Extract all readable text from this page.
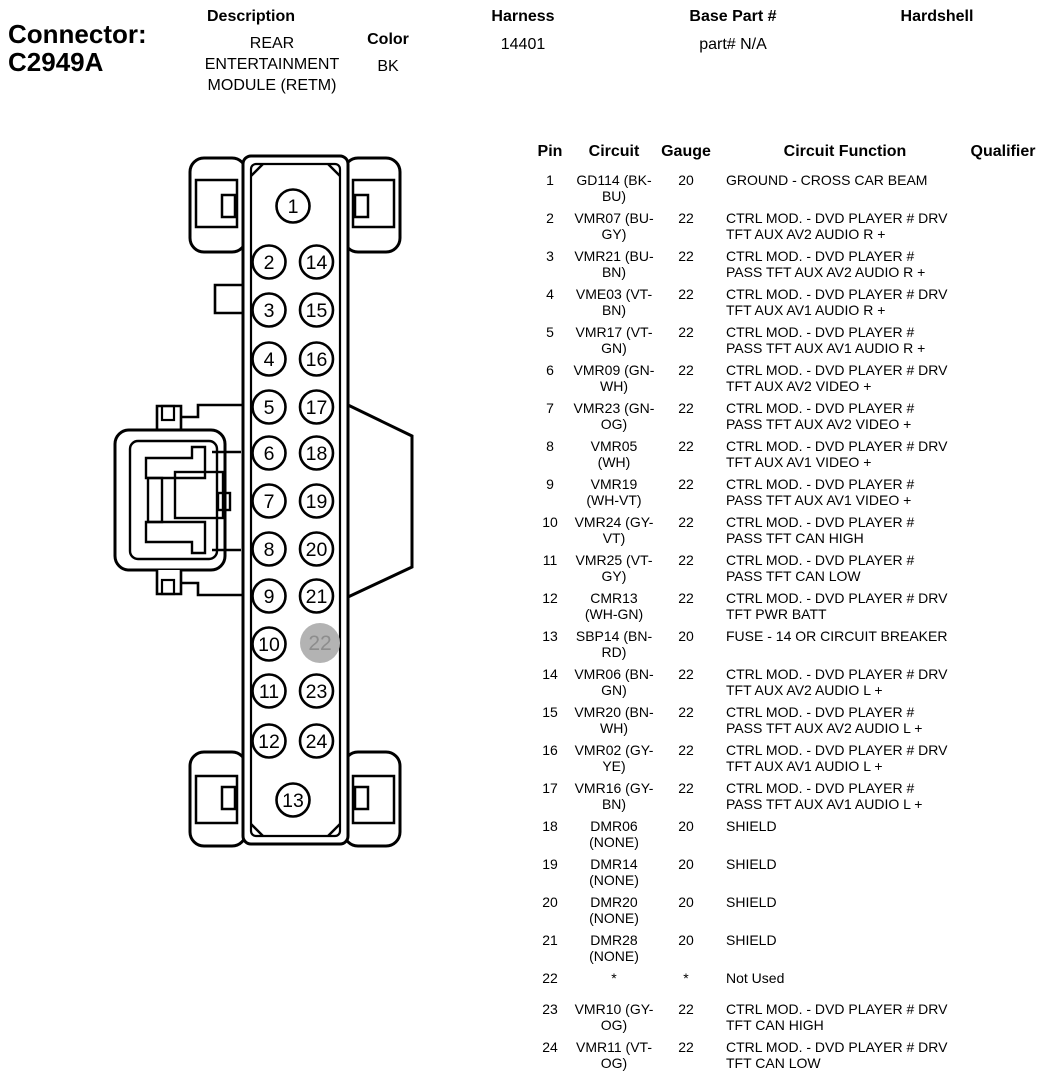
Connector:
C2949A
Description
REAR
ENTERTAINMENT
MODULE (RETM)
Color
BK
Harness
14401
Base Part #
part# N/A
Hardshell
1
2
3
4
5
6
7
8
9
10
11
12
13
14
15
16
17
18
19
20
21
22
23
24
Pin	Circuit	Gauge	Circuit Function	Qualifier
1	GD114 (BK-
BU)
20	GROUND - CROSS CAR BEAM
2	VMR07 (BU-
GY)
22	CTRL MOD. - DVD PLAYER # DRV
TFT AUX AV2 AUDIO R +
3	VMR21 (BU-
BN)
22	CTRL MOD. - DVD PLAYER #
PASS TFT AUX AV2 AUDIO R +
4	VME03 (VT-
BN)
22	CTRL MOD. - DVD PLAYER # DRV
TFT AUX AV1 AUDIO R +
5	VMR17 (VT-
GN)
22	CTRL MOD. - DVD PLAYER #
PASS TFT AUX AV1 AUDIO R +
6	VMR09 (GN-
WH)
22	CTRL MOD. - DVD PLAYER # DRV
TFT AUX AV2 VIDEO +
7	VMR23 (GN-
OG)
22	CTRL MOD. - DVD PLAYER #
PASS TFT AUX AV2 VIDEO +
8	VMR05
(WH)
22	CTRL MOD. - DVD PLAYER # DRV
TFT AUX AV1 VIDEO +
9	VMR19
(WH-VT)
22	CTRL MOD. - DVD PLAYER #
PASS TFT AUX AV1 VIDEO +
10	VMR24 (GY-
VT)
22	CTRL MOD. - DVD PLAYER #
PASS TFT CAN HIGH
11	VMR25 (VT-
GY)
22	CTRL MOD. - DVD PLAYER #
PASS TFT CAN LOW
12	CMR13
(WH-GN)
22	CTRL MOD. - DVD PLAYER # DRV
TFT PWR BATT
13	SBP14 (BN-
RD)
20	FUSE - 14 OR CIRCUIT BREAKER
14	VMR06 (BN-
GN)
22	CTRL MOD. - DVD PLAYER # DRV
TFT AUX AV2 AUDIO L +
15	VMR20 (BN-
WH)
22	CTRL MOD. - DVD PLAYER #
PASS TFT AUX AV2 AUDIO L +
16	VMR02 (GY-
YE)
22	CTRL MOD. - DVD PLAYER # DRV
TFT AUX AV1 AUDIO L +
17	VMR16 (GY-
BN)
22	CTRL MOD. - DVD PLAYER #
PASS TFT AUX AV1 AUDIO L +
18	DMR06
(NONE)
20	SHIELD
19	DMR14
(NONE)
20	SHIELD
20	DMR20
(NONE)
20	SHIELD
21	DMR28
(NONE)
20	SHIELD
22	*	*	Not Used
23	VMR10 (GY-
OG)
22	CTRL MOD. - DVD PLAYER # DRV
TFT CAN HIGH
24	VMR11 (VT-
OG)
22	CTRL MOD. - DVD PLAYER # DRV
TFT CAN LOW
